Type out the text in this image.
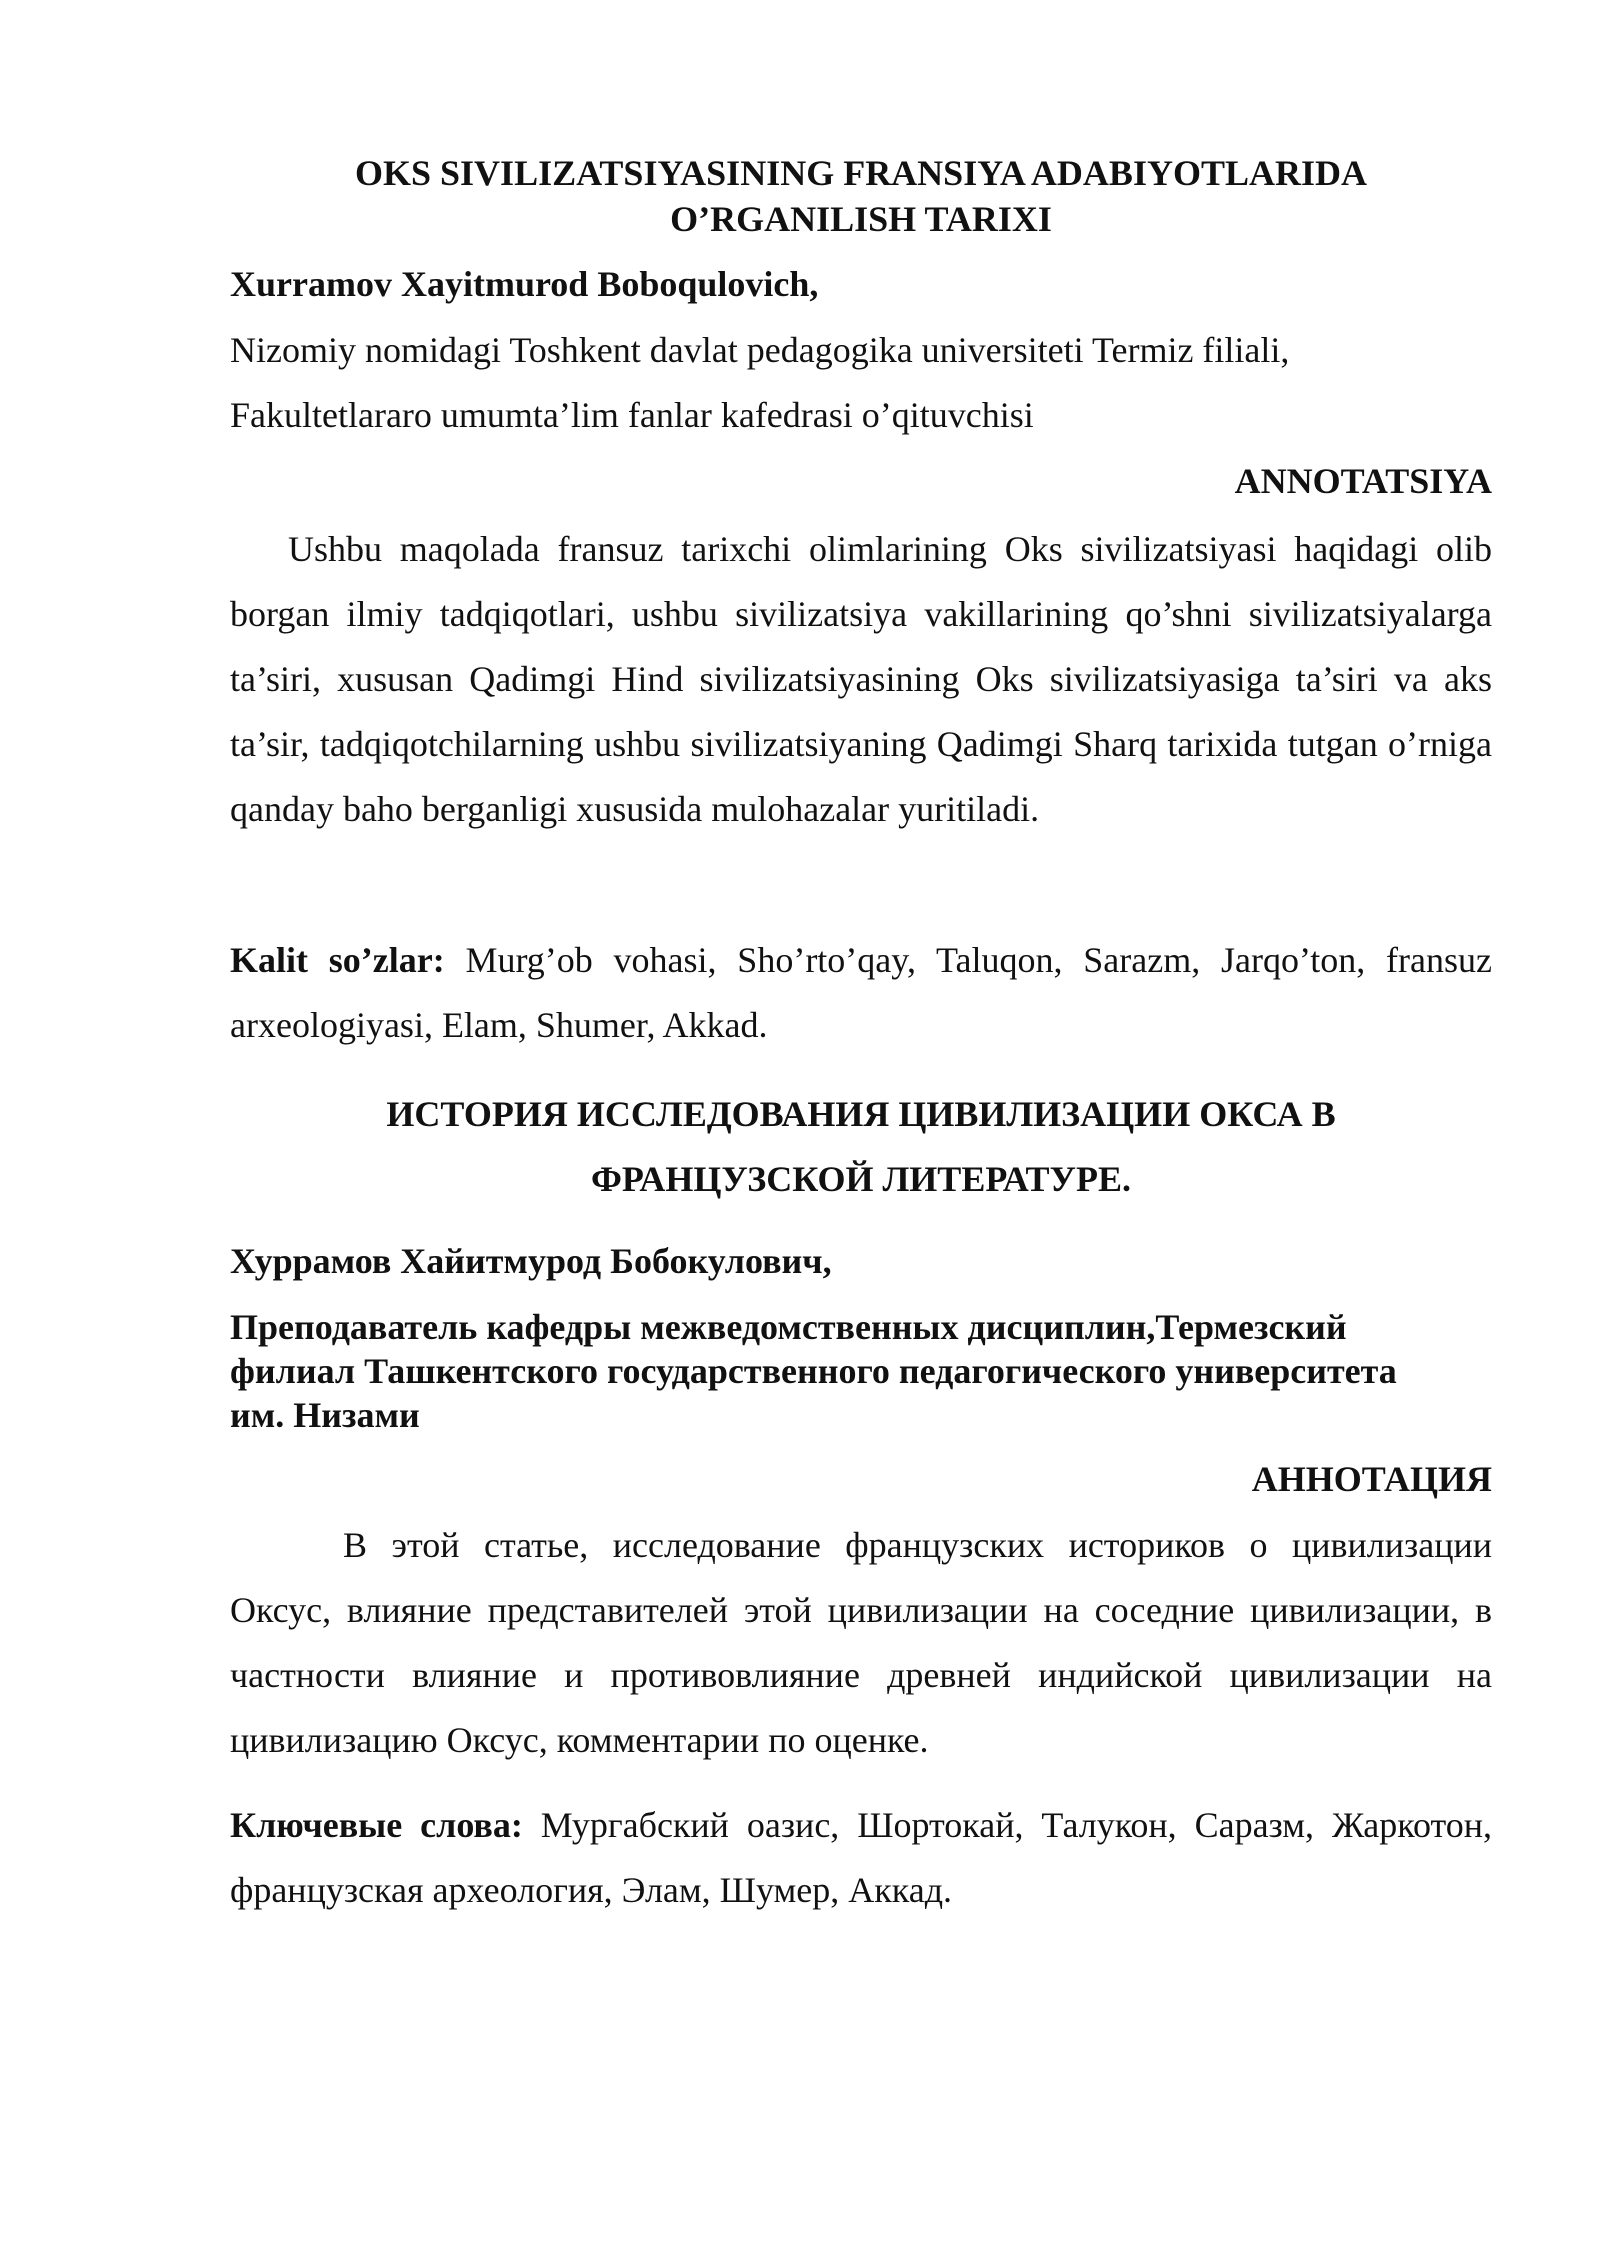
OKS SIVILIZATSIYASINING FRANSIYA ADABIYOTLARIDA
O’RGANILISH TARIXI
Xurramov Xayitmurod Boboqulovich,
Nizomiy nomidagi Toshkent davlat pedagogika universiteti Termiz filiali,
Fakultetlararo umumta’lim fanlar kafedrasi o’qituvchisi
ANNOTATSIYA
Ushbu maqolada fransuz tarixchi olimlarining Oks sivilizatsiyasi haqidagi olib borgan ilmiy tadqiqotlari, ushbu sivilizatsiya vakillarining qo’shni sivilizatsiyalarga ta’siri, xususan Qadimgi Hind sivilizatsiyasining Oks sivilizatsiyasiga ta’siri va aks ta’sir, tadqiqotchilarning ushbu sivilizatsiyaning Qadimgi Sharq tarixida tutgan o’rniga qanday baho berganligi xususida mulohazalar yuritiladi.
Kalit so’zlar: Murg’ob vohasi, Sho’rto’qay, Taluqon, Sarazm, Jarqo’ton, fransuz arxeologiyasi, Elam, Shumer, Akkad.
ИСТОРИЯ ИССЛЕДОВАНИЯ ЦИВИЛИЗАЦИИ ОКСА В
ФРАНЦУЗСКОЙ ЛИТЕРАТУРЕ.
Хуррамов Хайитмурод Бобокулович,
Преподаватель кафедры межведомственных дисциплин,Термезский
филиал Ташкентского государственного педагогического университета
им. Низами
АННОТАЦИЯ
В этой статье, исследование французских историков о цивилизации Оксус, влияние представителей этой цивилизации на соседние цивилизации, в частности влияние и противовлияние древней индийской цивилизации на цивилизацию Оксус, комментарии по оценке.
Ключевые слова: Мургабский оазис, Шортокай, Талукон, Саразм, Жаркотон, французская археология, Элам, Шумер, Аккад.
